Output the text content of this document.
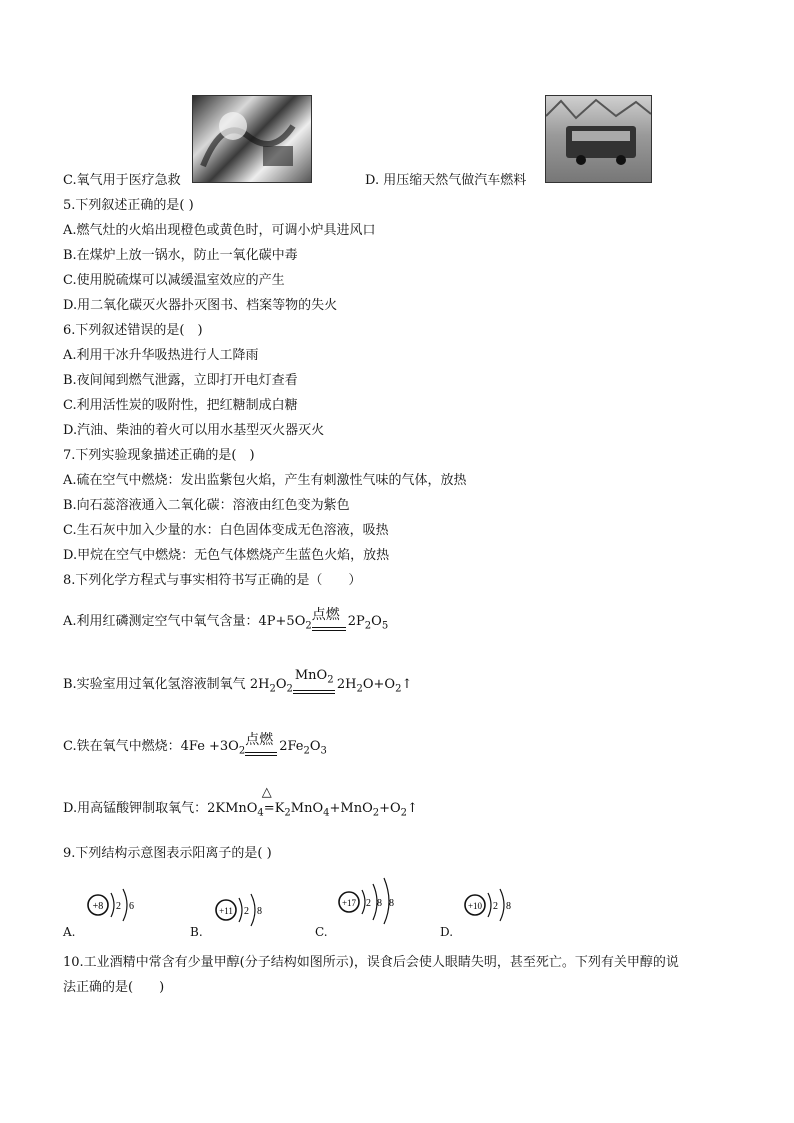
C.氧气用于医疗急救	D. 用压缩天然气做汽车燃料
5.下列叙述正确的是( )
A.燃气灶的火焰出现橙色或黄色时，可调小炉具进风口
B.在煤炉上放一锅水，防止一氧化碳中毒
C.使用脱硫煤可以减缓温室效应的产生
D.用二氧化碳灭火器扑灭图书、档案等物的失火
6.下列叙述错误的是(　)
A.利用干冰升华吸热进行人工降雨
B.夜间闻到燃气泄露，立即打开电灯查看
C.利用活性炭的吸附性，把红糖制成白糖
D.汽油、柴油的着火可以用水基型灭火器灭火
7.下列实验现象描述正确的是(　)
A.硫在空气中燃烧：发出监紫包火焰，产生有刺激性气味的气体，放热
B.向石蕊溶液通入二氧化碳：溶液由红色变为紫色
C.生石灰中加入少量的水：白色固体变成无色溶液，吸热
D.甲烷在空气中燃烧：无色气体燃烧产生蓝色火焰，放热
8.下列化学方程式与事实相符书写正确的是（　　）
A.利用红磷测定空气中氧气含量：$4P+5O_2$
点燃 $2P_2O_5$
B.实验室用过氧化氢溶液制氧气 $2H_2O_2$
MnO$_2$ $2H_2O+O_2↑$
C.铁在氧气中燃烧：$4Fe +3O_2$
点燃 $2Fe_2O_3$
D.用高锰酸钾制取氧气：2KMnO$_4$
△
$=K_2MnO_4+MnO_2+O_2↑$
9.下列结构示意图表示阳离子的是( )
A.
+8 2 6
B.
+11 2 8
C.
+17 2 8 8
D.
+10 2 8
10.工业酒精中常含有少量甲醇(分子结构如图所示)，误食后会使人眼睛失明，甚至死亡。下列有关甲醇的说
法正确的是(　　)
